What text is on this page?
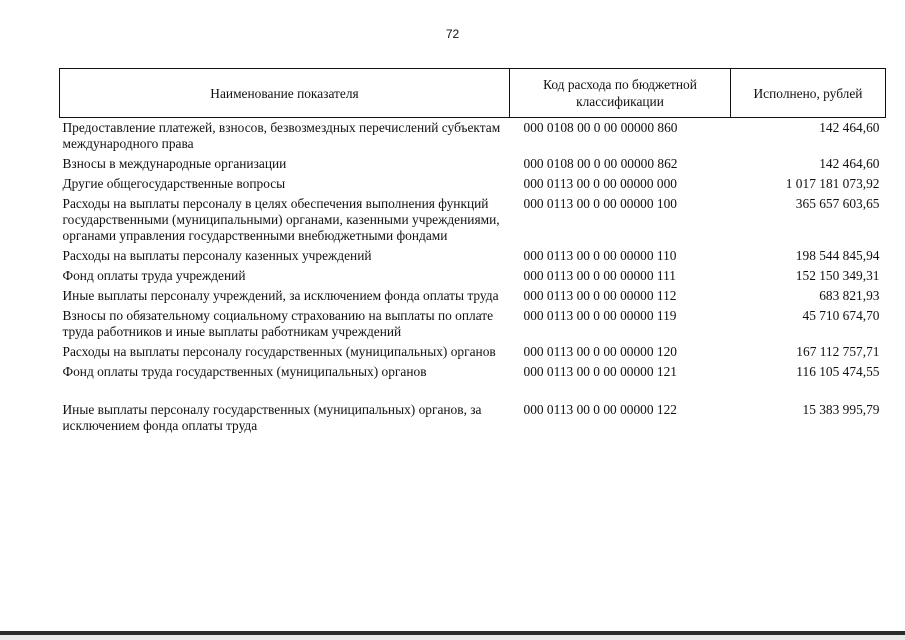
72
Наименование показателя	Код расхода по бюджетной классификации	Исполнено, рублей
Предоставление платежей, взносов, безвозмездных перечислений субъектам международного права	000 0108 00 0 00 00000 860	142 464,60
Взносы в международные организации	000 0108 00 0 00 00000 862	142 464,60
Другие общегосударственные вопросы	000 0113 00 0 00 00000 000	1 017 181 073,92
Расходы на выплаты персоналу в целях обеспечения выполнения функций государственными (муниципальными) органами, казенными учреждениями, органами управления государственными внебюджетными фондами	000 0113 00 0 00 00000 100	365 657 603,65
Расходы на выплаты персоналу казенных учреждений	000 0113 00 0 00 00000 110	198 544 845,94
Фонд оплаты труда учреждений	000 0113 00 0 00 00000 111	152 150 349,31
Иные выплаты персоналу учреждений, за исключением фонда оплаты труда	000 0113 00 0 00 00000 112	683 821,93
Взносы по обязательному социальному страхованию на выплаты по оплате труда работников и иные выплаты работникам учреждений	000 0113 00 0 00 00000 119	45 710 674,70
Расходы на выплаты персоналу государственных (муниципальных) органов	000 0113 00 0 00 00000 120	167 112 757,71
Фонд оплаты труда государственных (муниципальных) органов	000 0113 00 0 00 00000 121	116 105 474,55
Иные выплаты персоналу государственных (муниципальных) органов, за исключением фонда оплаты труда	000 0113 00 0 00 00000 122	15 383 995,79
